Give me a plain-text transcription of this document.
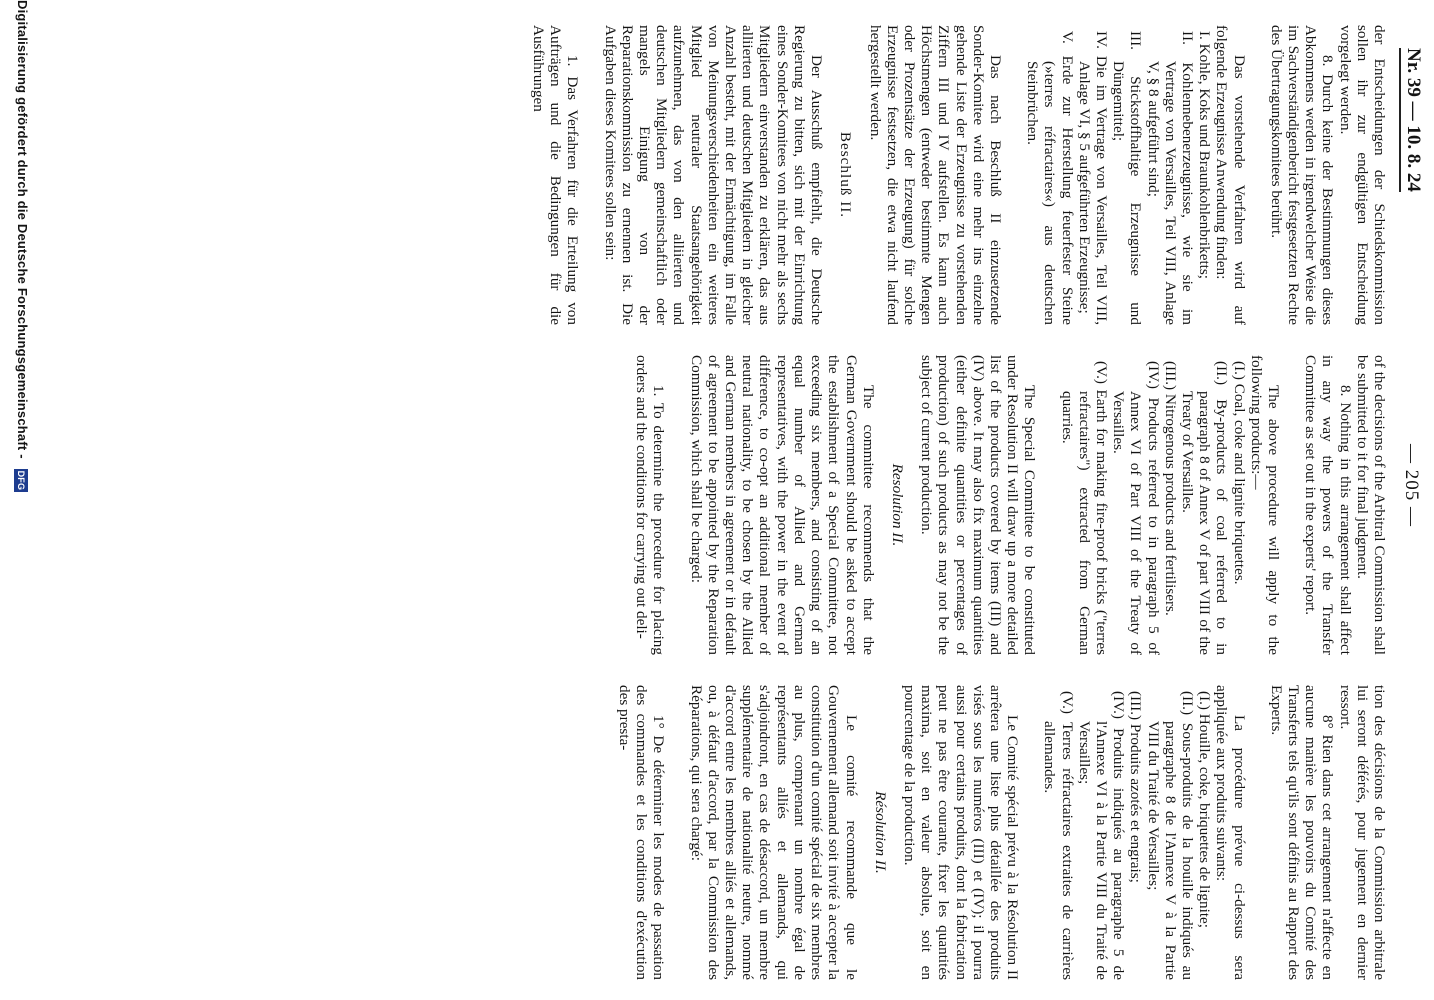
Nr. 39 — 10. 8. 24
— 205 —

der Entscheidungen der Schiedskommission sollen ihr zur endgültigen Entscheidung vorgelegt werden.

8. Durch keine der Bestimmungen dieses Abkommens werden in irgendwelcher Weise die im Sachverständigenbericht festgesetzten Rechte des Übertragungskomitees berührt.

Das vorstehende Verfahren wird auf folgende Erzeugnisse Anwendung finden:

I. Kohle, Koks und Braunkohlenbriketts;

II. Kohlennebenerzeugnisse, wie sie im Vertrage von Versailles, Teil VIII, Anlage V, § 8 aufgeführt sind;

III. Stickstoffhaltige Erzeugnisse und Düngemittel;

IV. Die im Vertrage von Versailles, Teil VIII, Anlage VI, § 5 aufgeführten Erzeugnisse;

V. Erde zur Herstellung feuerfester Steine (»terres réfractaires«) aus deutschen Steinbrüchen.

Das nach Beschluß II einzusetzende Sonder-Komitee wird eine mehr ins einzelne gehende Liste der Erzeugnisse zu vorstehenden Ziffern III und IV aufstellen. Es kann auch Höchstmengen (entweder bestimmte Mengen oder Prozentsätze der Erzeugung) für solche Erzeugnisse festsetzen, die etwa nicht laufend hergestellt werden.

Beschluß II.

Der Ausschuß empfiehlt, die Deutsche Regierung zu bitten, sich mit der Einrichtung eines Sonder-Komitees von nicht mehr als sechs Mitgliedern einverstanden zu erklären, das aus alliierten und deutschen Mitgliedern in gleicher Anzahl besteht, mit der Ermächtigung, im Falle von Meinungsverschiedenheiten ein weiteres Mitglied neutraler Staatsangehörigkeit aufzunehmen, das von den alliierten und deutschen Mitgliedern gemeinschaftlich oder mangels Einigung von der Reparationskommission zu ernennen ist. Die Aufgaben dieses Komitees sollen sein:

1. Das Verfahren für die Erteilung von Aufträgen und die Bedingungen für die Ausführungen

of the decisions of the Arbitral Commission shall be submitted to it for final judgment.

8. Nothing in this arrangement shall affect in any way the powers of the Transfer Committee as set out in the experts' report.

The above procedure will apply to the following products:—

(I.) Coal, coke and lignite briquettes.

(II.) By-products of coal referred to in paragraph 8 of Annex V of part VIII of the Treaty of Versailles.

(III.) Nitrogenous products and fertilisers.

(IV.) Products referred to in paragraph 5 of Annex VI of Part VIII of the Treaty of Versailles.

(V.) Earth for making fire-proof bricks ("terres refractaires") extracted from German quarries.

The Special Committee to be constituted under Resolution II will draw up a more detailed list of the products covered by items (III) and (IV) above. It may also fix maximum quantities (either definite quantities or percentages of production) of such products as may not be the subject of current production.

Resolution II.

The committee recommends that the German Government should be asked to accept the establishment of a Special Committee, not exceeding six members, and consisting of an equal number of Allied and German representatives, with the power in the event of difference, to co-opt an additional member of neutral nationality, to be chosen by the Allied and German members in agreement or in default of agreement to be appointed by the Reparation Commission, which shall be charged:

1. To determine the procedure for placing orders and the conditions for carrying out deli-

tion des décisions de la Commission arbitrale lui seront déférés, pour jugement en dernier ressort.

8° Rien dans cet arrangement n'affecte en aucune manière les pouvoirs du Comité des Transferts tels qu'ils sont définis au Rapport des Experts.

La procédure prévue ci-dessus sera appliquée aux produits suivants:

(I.) Houille, coke, briquettes de lignite;

(II.) Sous-produits de la houille indiqués au paragraphe 8 de l'Annexe V à la Partie VIII du Traité de Versailles;

(III.) Produits azotés et engrais;

(IV.) Produits indiqués au paragraphe 5 de l'Annexe VI à la Partie VIII du Traité de Versailles;

(V.) Terres réfractaires extraites de carrières allemandes.

Le Comité spécial prévu à la Résolution II arrêtera une liste plus détaillée des produits visés sous les numéros (III) et (IV); il pourra aussi pour certains produits, dont la fabrication peut ne pas être courante, fixer les quantités maxima, soit en valeur absolue, soit en pourcentage de la production.

Résolution II.

Le comité recommande que le Gouvernement allemand soit invité à accepter la constitution d'un comité spécial de six membres au plus, comprenant un nombre égal de représentants alliés et allemands, qui s'adjoindront, en cas de désaccord, un membre supplémentaire de nationalité neutre, nommé d'accord entre les membres alliés et allemands, ou, à défaut d'accord, par la Commission des Réparations, qui sera chargé:

1° De déterminer les modes de passation des commandes et les conditions d'exécution des presta-

Digitalisierung gefördert durch die Deutsche Forschungsgemeinschaft - DFG
